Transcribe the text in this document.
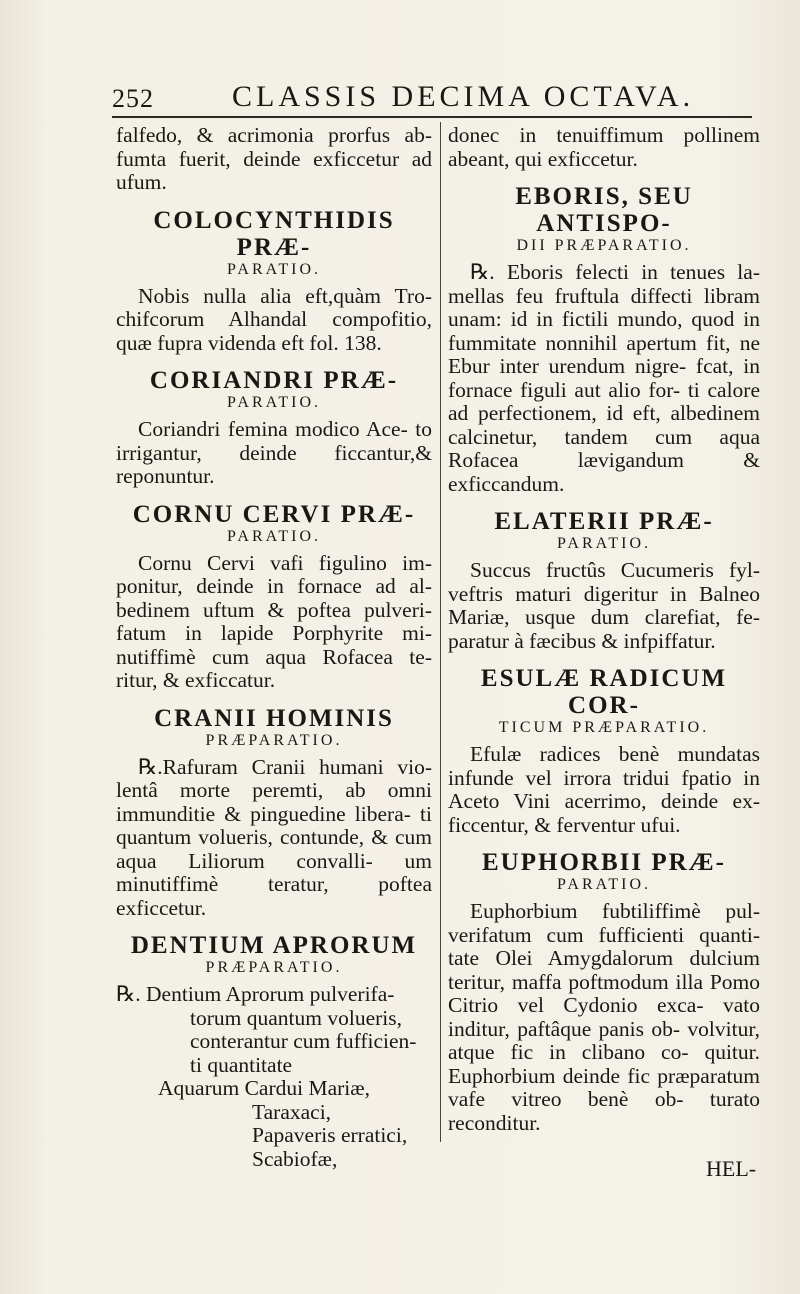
252	CLASSIS DECIMA OCTAVA.

falfedo, & acrimonia prorfus ab- fumta fuerit, deinde exficcetur ad ufum.

COLOCYNTHIDIS PRÆ-
PARATIO.

Nobis nulla alia eft,quàm Tro- chifcorum Alhandal compofitio, quæ fupra videnda eft fol. 138.

CORIANDRI PRÆ-
PARATIO.

Coriandri femina modico Ace- to irrigantur, deinde ficcantur,& reponuntur.

CORNU CERVI PRÆ-
PARATIO.

Cornu Cervi vafi figulino im- ponitur, deinde in fornace ad al- bedinem uftum & poftea pulveri- fatum in lapide Porphyrite mi- nutiffimè cum aqua Rofacea te- ritur, & exficcatur.

CRANII HOMINIS
PRÆPARATIO.

℞.Rafuram Cranii humani vio- lentâ morte peremti, ab omni immunditie & pinguedine libera- ti quantum volueris, contunde, & cum aqua Liliorum convalli- um minutiffimè teratur, poftea exficcetur.

DENTIUM APRORUM
PRÆPARATIO.

℞. Dentium Aprorum pulverifa-

torum quantum volueris,

conterantur cum fufficien-

ti quantitate

Aquarum Cardui Mariæ,

Taraxaci,

Papaveris erratici,

Scabiofæ,

donec in tenuiffimum pollinem abeant, qui exficcetur.

EBORIS, SEU ANTISPO-
DII PRÆPARATIO.

℞. Eboris felecti in tenues la- mellas feu fruftula diffecti libram unam: id in fictili mundo, quod in fummitate nonnihil apertum fit, ne Ebur inter urendum nigre- fcat, in fornace figuli aut alio for- ti calore ad perfectionem, id eft, albedinem calcinetur, tandem cum aqua Rofacea lævigandum & exficcandum.

ELATERII PRÆ-
PARATIO.

Succus fructûs Cucumeris fyl- veftris maturi digeritur in Balneo Mariæ, usque dum clarefiat, fe- paratur à fæcibus & infpiffatur.

ESULÆ RADICUM COR-
TICUM PRÆPARATIO.

Efulæ radices benè mundatas infunde vel irrora tridui fpatio in Aceto Vini acerrimo, deinde ex- ficcentur, & ferventur ufui.

EUPHORBII PRÆ-
PARATIO.

Euphorbium fubtiliffimè pul- verifatum cum fufficienti quanti- tate Olei Amygdalorum dulcium teritur, maffa poftmodum illa Pomo Citrio vel Cydonio exca- vato inditur, paftâque panis ob- volvitur, atque fic in clibano co- quitur. Euphorbium deinde fic præparatum vafe vitreo benè ob- turato reconditur.

HEL-
